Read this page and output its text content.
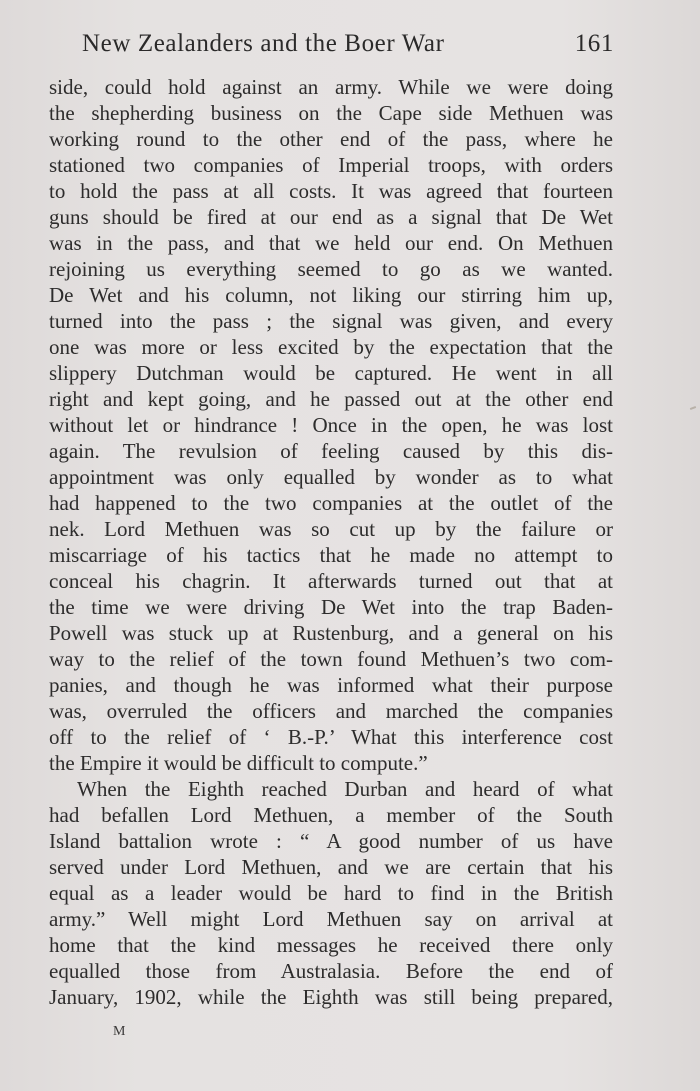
New Zealanders and the Boer War	161
side, could hold against an army. While we were doing
the shepherding business on the Cape side Methuen was
working round to the other end of the pass, where he
stationed two companies of Imperial troops, with orders
to hold the pass at all costs. It was agreed that fourteen
guns should be fired at our end as a signal that De Wet
was in the pass, and that we held our end. On Methuen
rejoining us everything seemed to go as we wanted.
De Wet and his column, not liking our stirring him up,
turned into the pass ; the signal was given, and every
one was more or less excited by the expectation that the
slippery Dutchman would be captured. He went in all
right and kept going, and he passed out at the other end
without let or hindrance ! Once in the open, he was lost
again. The revulsion of feeling caused by this dis-
appointment was only equalled by wonder as to what
had happened to the two companies at the outlet of the
nek. Lord Methuen was so cut up by the failure or
miscarriage of his tactics that he made no attempt to
conceal his chagrin. It afterwards turned out that at
the time we were driving De Wet into the trap Baden-
Powell was stuck up at Rustenburg, and a general on his
way to the relief of the town found Methuen’s two com-
panies, and though he was informed what their purpose
was, overruled the officers and marched the companies
off to the relief of ‘ B.-P.’ What this interference cost
the Empire it would be difficult to compute.”
When the Eighth reached Durban and heard of what
had befallen Lord Methuen, a member of the South
Island battalion wrote : “ A good number of us have
served under Lord Methuen, and we are certain that his
equal as a leader would be hard to find in the British
army.” Well might Lord Methuen say on arrival at
home that the kind messages he received there only
equalled those from Australasia. Before the end of
January, 1902, while the Eighth was still being prepared,
M
